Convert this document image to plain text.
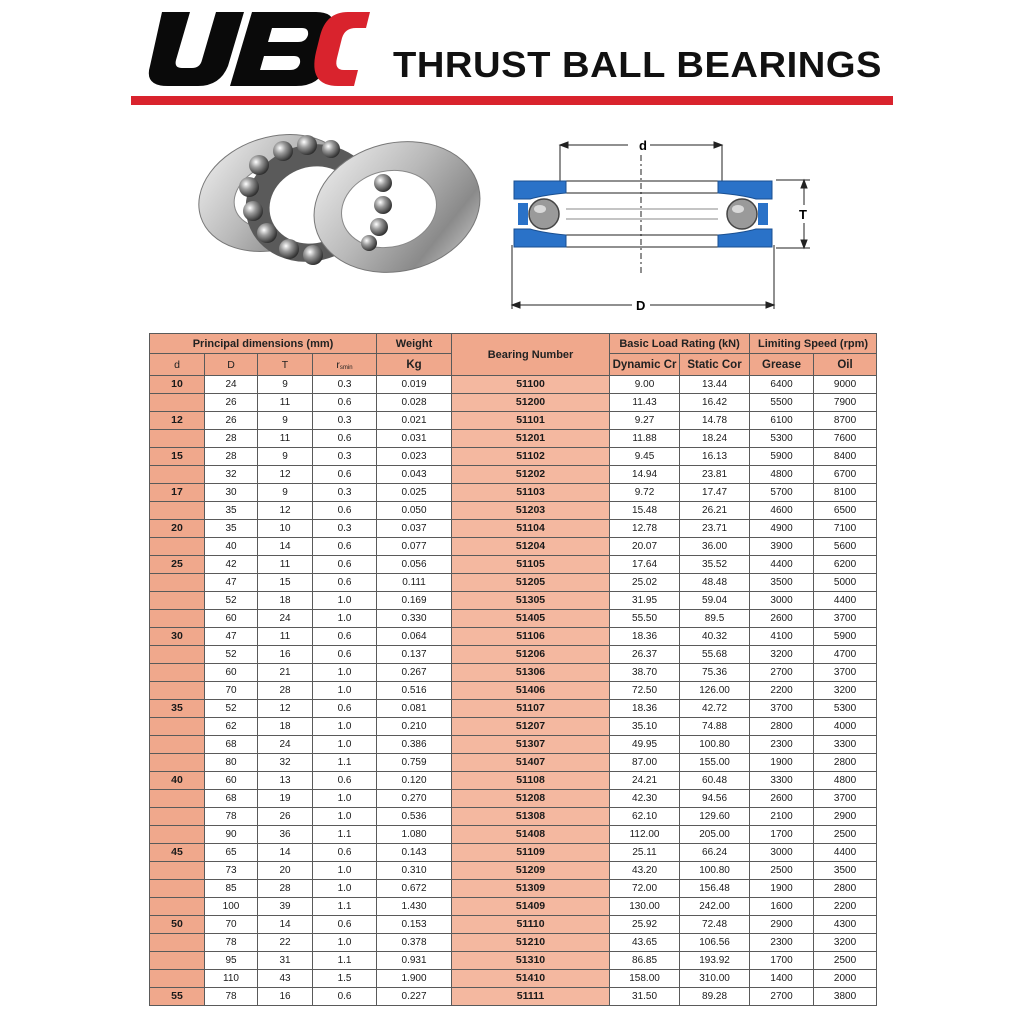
THRUST BALL BEARINGS
d
D
T
Principal dimensions (mm)				Weight	Bearing Number	Basic Load Rating (kN)		Limiting Speed (rpm)	
d	D	T	rsmin	Kg		Dynamic Cr	Static Cor	Grease	Oil
10	24	9	0.3	0.019	51100	9.00	13.44	6400	9000
	26	11	0.6	0.028	51200	11.43	16.42	5500	7900
12	26	9	0.3	0.021	51101	9.27	14.78	6100	8700
	28	11	0.6	0.031	51201	11.88	18.24	5300	7600
15	28	9	0.3	0.023	51102	9.45	16.13	5900	8400
	32	12	0.6	0.043	51202	14.94	23.81	4800	6700
17	30	9	0.3	0.025	51103	9.72	17.47	5700	8100
	35	12	0.6	0.050	51203	15.48	26.21	4600	6500
20	35	10	0.3	0.037	51104	12.78	23.71	4900	7100
	40	14	0.6	0.077	51204	20.07	36.00	3900	5600
25	42	11	0.6	0.056	51105	17.64	35.52	4400	6200
	47	15	0.6	0.111	51205	25.02	48.48	3500	5000
	52	18	1.0	0.169	51305	31.95	59.04	3000	4400
	60	24	1.0	0.330	51405	55.50	89.5	2600	3700
30	47	11	0.6	0.064	51106	18.36	40.32	4100	5900
	52	16	0.6	0.137	51206	26.37	55.68	3200	4700
	60	21	1.0	0.267	51306	38.70	75.36	2700	3700
	70	28	1.0	0.516	51406	72.50	126.00	2200	3200
35	52	12	0.6	0.081	51107	18.36	42.72	3700	5300
	62	18	1.0	0.210	51207	35.10	74.88	2800	4000
	68	24	1.0	0.386	51307	49.95	100.80	2300	3300
	80	32	1.1	0.759	51407	87.00	155.00	1900	2800
40	60	13	0.6	0.120	51108	24.21	60.48	3300	4800
	68	19	1.0	0.270	51208	42.30	94.56	2600	3700
	78	26	1.0	0.536	51308	62.10	129.60	2100	2900
	90	36	1.1	1.080	51408	112.00	205.00	1700	2500
45	65	14	0.6	0.143	51109	25.11	66.24	3000	4400
	73	20	1.0	0.310	51209	43.20	100.80	2500	3500
	85	28	1.0	0.672	51309	72.00	156.48	1900	2800
	100	39	1.1	1.430	51409	130.00	242.00	1600	2200
50	70	14	0.6	0.153	51110	25.92	72.48	2900	4300
	78	22	1.0	0.378	51210	43.65	106.56	2300	3200
	95	31	1.1	0.931	51310	86.85	193.92	1700	2500
	110	43	1.5	1.900	51410	158.00	310.00	1400	2000
55	78	16	0.6	0.227	51111	31.50	89.28	2700	3800
